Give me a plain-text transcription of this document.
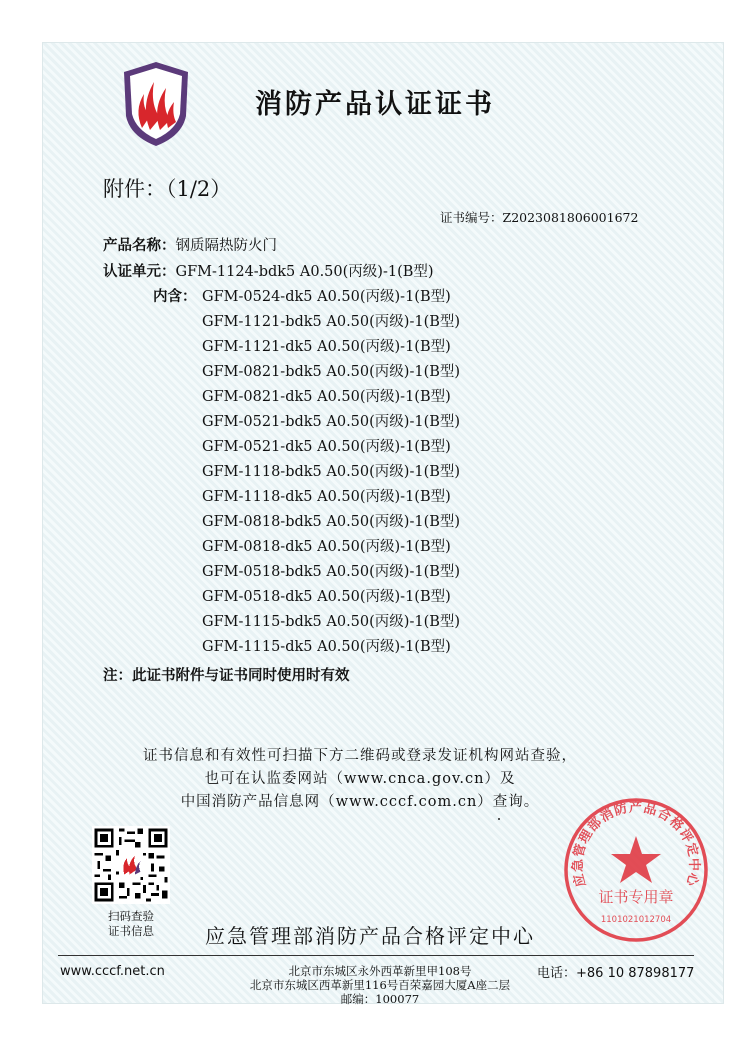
消防产品认证证书
附件：（1/2）
证书编号：Z2023081806001672
产品名称：钢质隔热防火门
认证单元：GFM-1124-bdk5 A0.50(丙级)-1(B型)
内含： GFM-0524-dk5 A0.50(丙级)-1(B型)
GFM-1121-bdk5 A0.50(丙级)-1(B型)
GFM-1121-dk5 A0.50(丙级)-1(B型)
GFM-0821-bdk5 A0.50(丙级)-1(B型)
GFM-0821-dk5 A0.50(丙级)-1(B型)
GFM-0521-bdk5 A0.50(丙级)-1(B型)
GFM-0521-dk5 A0.50(丙级)-1(B型)
GFM-1118-bdk5 A0.50(丙级)-1(B型)
GFM-1118-dk5 A0.50(丙级)-1(B型)
GFM-0818-bdk5 A0.50(丙级)-1(B型)
GFM-0818-dk5 A0.50(丙级)-1(B型)
GFM-0518-bdk5 A0.50(丙级)-1(B型)
GFM-0518-dk5 A0.50(丙级)-1(B型)
GFM-1115-bdk5 A0.50(丙级)-1(B型)
GFM-1115-dk5 A0.50(丙级)-1(B型)
注：此证书附件与证书同时使用时有效
证书信息和有效性可扫描下方二维码或登录发证机构网站查验，
也可在认监委网站（www.cnca.gov.cn）及
中国消防产品信息网（www.cccf.com.cn）查询。
扫码查验
证书信息	应急管理部消防产品合格评定中心
应急管理部消防产品合格评定中心
证书专用章
1101021012704
www.cccf.net.cn	北京市东城区永外西革新里甲108号
北京市东城区西革新里116号百荣嘉园大厦A座二层
邮编：100077
电话：+86 10 87898177
